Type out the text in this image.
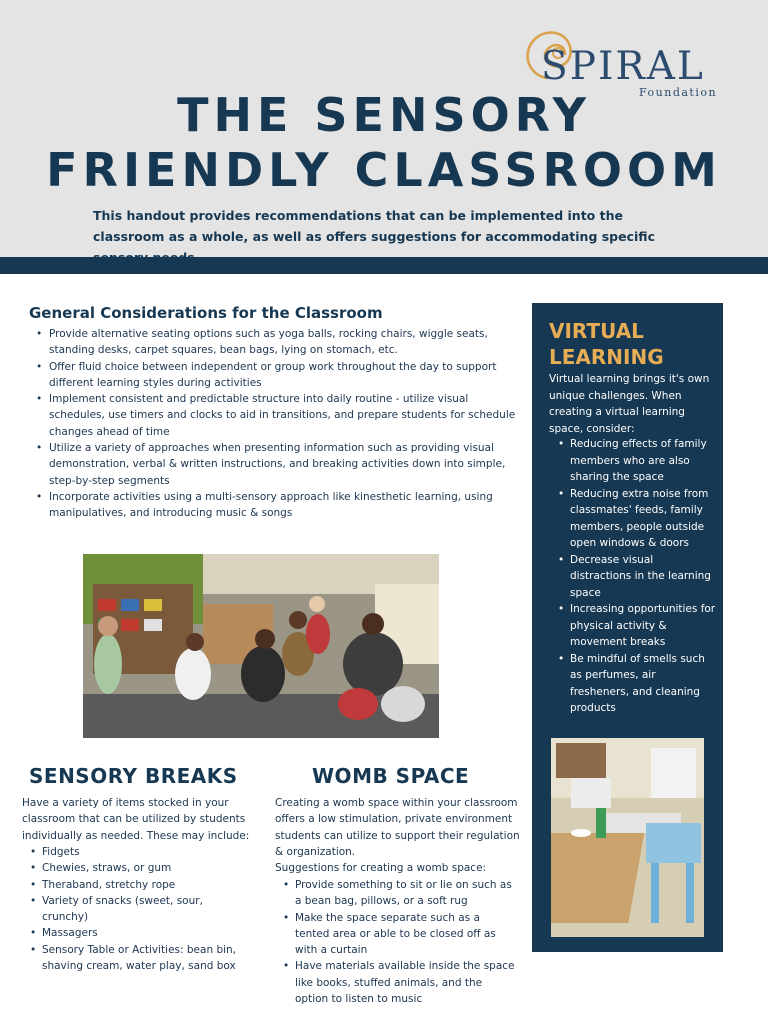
SPIRAL
Foundation
THE SENSORY
FRIENDLY CLASSROOM
This handout provides recommendations that can be implemented into the classroom as a whole, as well as offers suggestions for accommodating specific sensory needs.
General Considerations for the Classroom
• Provide alternative seating options such as yoga balls, rocking chairs, wiggle seats, standing desks, carpet squares, bean bags, lying on stomach, etc.
• Offer fluid choice between independent or group work throughout the day to support different learning styles during activities
• Implement consistent and predictable structure into daily routine - utilize visual schedules, use timers and clocks to aid in transitions, and prepare students for schedule changes ahead of time
• Utilize a variety of approaches when presenting information such as providing visual demonstration, verbal & written instructions, and breaking activities down into simple, step-by-step segments
• Incorporate activities using a multi-sensory approach like kinesthetic learning, using manipulatives, and introducing music & songs
VIRTUAL LEARNING
Virtual learning brings it's own unique challenges. When creating a virtual learning space, consider:
• Reducing effects of family members who are also sharing the space
• Reducing extra noise from classmates' feeds, family members, people outside open windows & doors
• Decrease visual distractions in the learning space
• Increasing opportunities for physical activity & movement breaks
• Be mindful of smells such as perfumes, air fresheners, and cleaning products
SENSORY BREAKS
Have a variety of items stocked in your classroom that can be utilized by students individually as needed. These may include:
• Fidgets
• Chewies, straws, or gum
• Theraband, stretchy rope
• Variety of snacks (sweet, sour, crunchy)
• Massagers
• Sensory Table or Activities: bean bin, shaving cream, water play, sand box
WOMB SPACE
Creating a womb space within your classroom offers a low stimulation, private environment students can utilize to support their regulation & organization.
Suggestions for creating a womb space:
• Provide something to sit or lie on such as a bean bag, pillows, or a soft rug
• Make the space separate such as a tented area or able to be closed off as with a curtain
• Have materials available inside the space like books, stuffed animals, and the option to listen to music
